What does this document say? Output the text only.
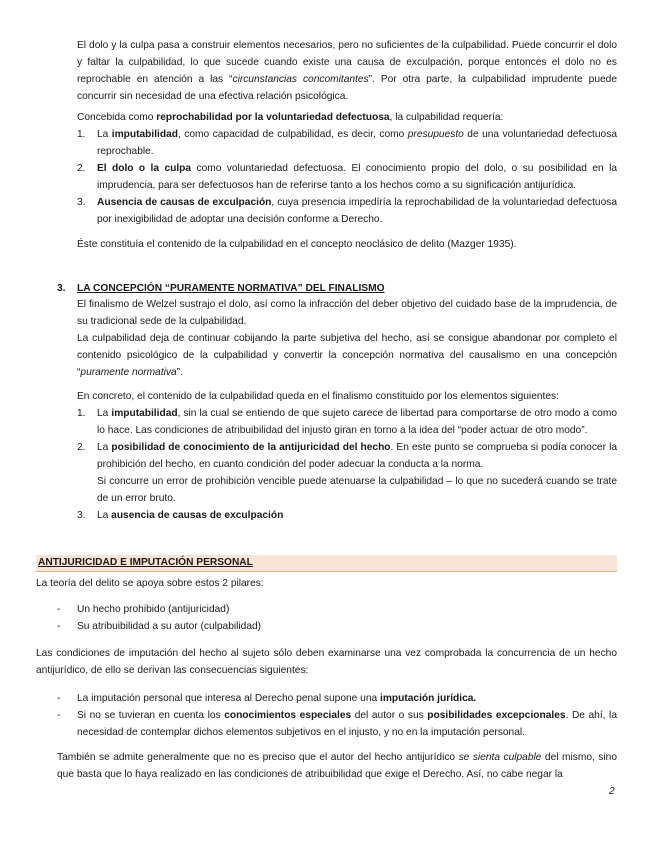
El dolo y la culpa pasa a construir elementos necesarios, pero no suficientes de la culpabilidad. Puede concurrir el dolo y faltar la culpabilidad, lo que sucede cuando existe una causa de exculpación, porque entonces el dolo no es reprochable en atención a las “circunstancias concomitantes”. Por otra parte, la culpabilidad imprudente puede concurrir sin necesidad de una efectiva relación psicológica.

Concebida como reprochabilidad por la voluntariedad defectuosa, la culpabilidad requería:

1. La imputabilidad, como capacidad de culpabilidad, es decir, como presupuesto de una voluntariedad defectuosa reprochable.

2. El dolo o la culpa como voluntariedad defectuosa. El conocimiento propio del dolo, o su posibilidad en la imprudencia, para ser defectuosos han de referirse tanto a los hechos como a su significación antijurídica.

3. Ausencia de causas de exculpación, cuya presencia impedíría la reprochabilidad de la voluntariedad defectuosa por inexigibilidad de adoptar una decisión conforme a Derecho.

Éste constituía el contenido de la culpabilidad en el concepto neoclásico de delito (Mazger 1935).

3. LA CONCEPCIÓN “PURAMENTE NORMATIVA” DEL FINALISMO

El finalismo de Welzel sustrajo el dolo, así como la infracción del deber objetivo del cuidado base de la imprudencia, de su tradicional sede de la culpabilidad.

La culpabilidad deja de continuar cobijando la parte subjetiva del hecho, así se consigue abandonar por completo el contenido psicológico de la culpabilidad y convertir la concepción normativa del causalismo en una concepción “puramente normativa”.

En concreto, el contenido de la culpabilidad queda en el finalismo constituido por los elementos siguientes:

1. La imputabilidad, sin la cual se entiendo de que sujeto carece de libertad para comportarse de otro modo a como lo hace. Las condiciones de atribuibilidad del injusto giran en torno a la idea del “poder actuar de otro modo”.

2. La posibilidad de conocimiento de la antijuricidad del hecho. En este punto se comprueba si podía conocer la prohibición del hecho, en cuanto condición del poder adecuar la conducta a la norma.

Si concurre un error de prohibición vencible puede atenuarse la culpabilidad – lo que no sucederá cuando se trate de un error bruto.

3. La ausencia de causas de exculpación

ANTIJURICIDAD E IMPUTACIÓN PERSONAL

La teoría del delito se apoya sobre estos 2 pilares:

- Un hecho prohibido (antijuricidad)

- Su atribuibilidad a su autor (culpabilidad)

Las condiciones de imputación del hecho al sujeto sólo deben examinarse una vez comprobada la concurrencia de un hecho antijurídico, de ello se derivan las consecuencias siguientes:

- La imputación personal que interesa al Derecho penal supone una imputación jurídica.

- Si no se tuvieran en cuenta los conocimientos especiales del autor o sus posibilidades excepcionales. De ahí, la necesidad de contemplar dichos elementos subjetivos en el injusto, y no en la imputación personal.

También se admite generalmente que no es preciso que el autor del hecho antijurídico se sienta culpable del mismo, sino que basta que lo haya realizado en las condiciones de atribuibilidad que exige el Derecho. Así, no cabe negar la

2
